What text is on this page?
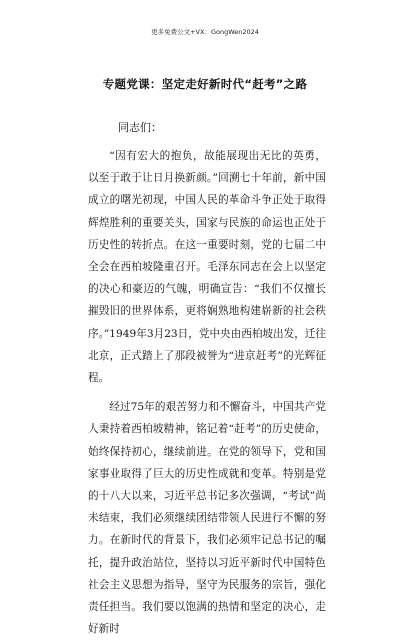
更多免费公文+VX：GongWen2024
专题党课：坚定走好新时代“赶考”之路
同志们：

“因有宏大的抱负，故能展现出无比的英勇，以至于敢于让日月换新颜。”回溯七十年前，新中国成立的曙光初现，中国人民的革命斗争正处于取得辉煌胜利的重要关头，国家与民族的命运也正处于历史性的转折点。在这一重要时刻，党的七届二中全会在西柏坡隆重召开。毛泽东同志在会上以坚定的决心和豪迈的气魄，明确宣告：“我们不仅擅长摧毁旧的世界体系，更将娴熟地构建崭新的社会秩序。”1949年3月23日，党中央由西柏坡出发，迁往北京，正式踏上了那段被誉为“进京赶考”的光辉征程。

经过75年的艰苦努力和不懈奋斗，中国共产党人秉持着西柏坡精神，铭记着“赶考”的历史使命，始终保持初心，继续前进。在党的领导下，党和国家事业取得了巨大的历史性成就和变革。特别是党的十八大以来，习近平总书记多次强调，“考试”尚未结束，我们必须继续团结带领人民进行不懈的努力。在新时代的背景下，我们必须牢记总书记的嘱托，提升政治站位，坚持以习近平新时代中国特色社会主义思想为指导，坚守为民服务的宗旨，强化责任担当。我们要以饱满的热情和坚定的决心，走好新时
